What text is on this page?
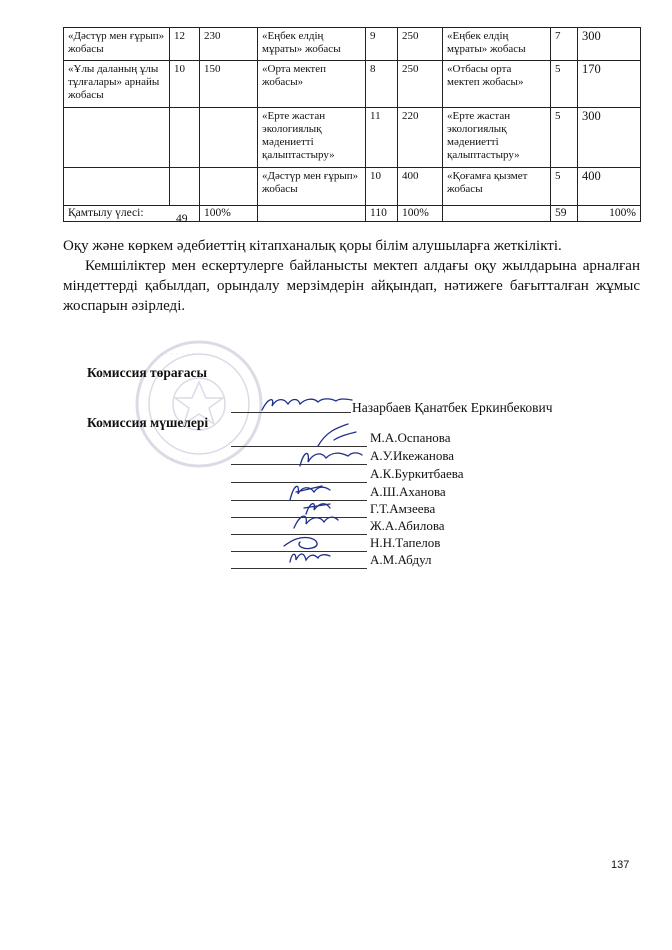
«Дәстүр мен ғұрып» жобасы	12	230	«Еңбек елдің мұраты» жобасы	9	250	«Еңбек елдің мұраты» жобасы	7	300
«Ұлы даланың ұлы тұлғалары» арнайы жобасы	10	150	«Орта мектеп жобасы»	8	250	«Отбасы орта мектеп жобасы»	5	170
			«Ерте жастан экологиялық мәдениетті қалыптастыру»	11	220	«Ерте жастан экологиялық мәдениетті қалыптастыру»	5	300
			«Дәстүр мен ғұрып» жобасы	10	400	«Қоғамға қызмет жобасы	5	400
Қамтылу үлесі:		100%		110	100%		59	100%
49

Оқу және көркем әдебиеттің кітапханалық қоры білім алушыларға жеткілікті.

Кемшіліктер мен ескертулерге байланысты мектеп алдағы оқу жылдарына арналған міндеттерді қабылдап, орындалу мерзімдерін айқындап, нәтижеге бағытталған жұмыс жоспарын әзірледі.

· · · · · · ·
· · · · · · ·
Комиссия төрағасы
Комиссия мүшелері
Назарбаев Қанатбек Еркинбекович
М.А.Оспанова
А.У.Икежанова
А.К.Буркитбаева
А.Ш.Аханова
Г.Т.Амзеева
Ж.А.Абилова
Н.Н.Тапелов
А.М.Абдул
137
